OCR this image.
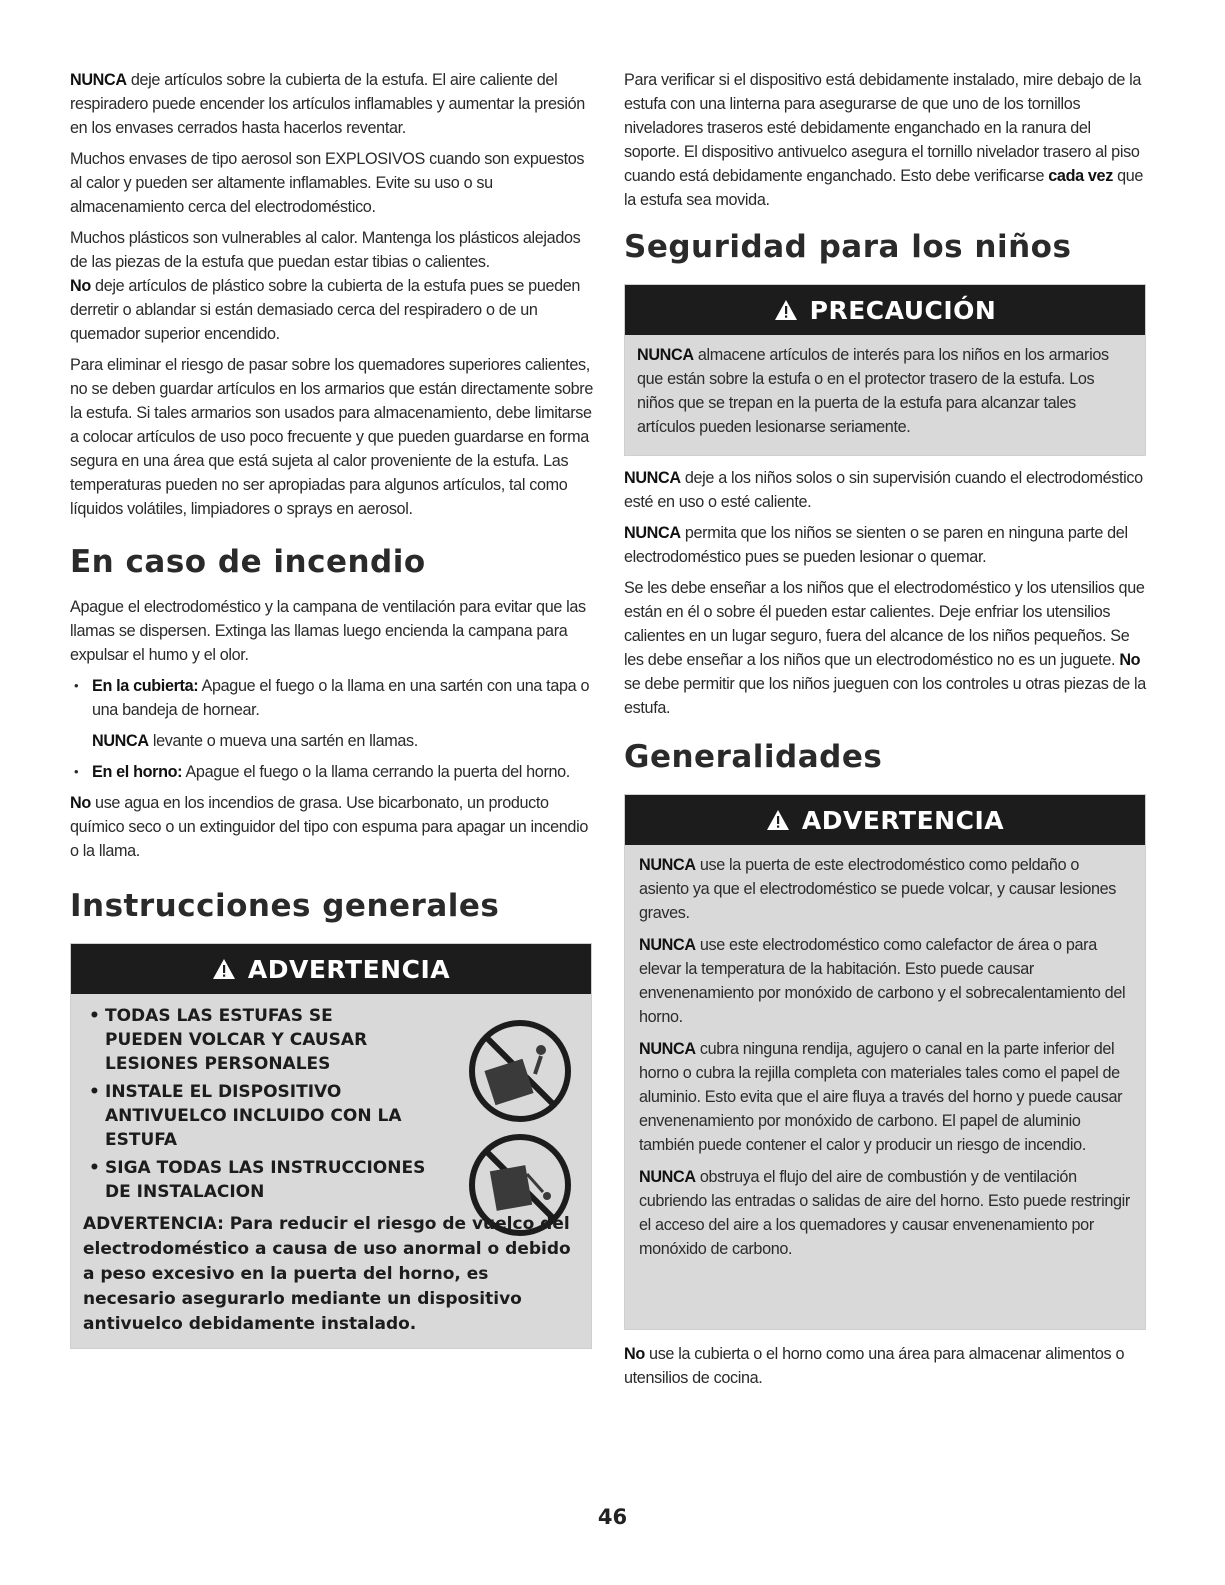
NUNCA deje artículos sobre la cubierta de la estufa. El aire caliente del respiradero puede encender los artículos inflamables y aumentar la presión en los envases cerrados hasta hacerlos reventar.

Muchos envases de tipo aerosol son EXPLOSIVOS cuando son expuestos al calor y pueden ser altamente inflamables. Evite su uso o su almacenamiento cerca del electrodoméstico.

Muchos plásticos son vulnerables al calor. Mantenga los plásticos alejados de las piezas de la estufa que puedan estar tibias o calientes.
No deje artículos de plástico sobre la cubierta de la estufa pues se pueden derretir o ablandar si están demasiado cerca del respiradero o de un quemador superior encendido.

Para eliminar el riesgo de pasar sobre los quemadores superiores calientes, no se deben guardar artículos en los armarios que están directamente sobre la estufa. Si tales armarios son usados para almacenamiento, debe limitarse a colocar artículos de uso poco frecuente y que pueden guardarse en forma segura en una área que está sujeta al calor proveniente de la estufa. Las temperaturas pueden no ser apropiadas para algunos artículos, tal como líquidos volátiles, limpiadores o sprays en aerosol.

En caso de incendio

Apague el electrodoméstico y la campana de ventilación para evitar que las llamas se dispersen. Extinga las llamas luego encienda la campana para expulsar el humo y el olor.

• En la cubierta: Apague el fuego o la llama en una sartén con una tapa o una bandeja de hornear.

NUNCA levante o mueva una sartén en llamas.

• En el horno: Apague el fuego o la llama cerrando la puerta del horno.

No use agua en los incendios de grasa. Use bicarbonato, un producto químico seco o un extinguidor del tipo con espuma para apagar un incendio o la llama.

Instrucciones generales
ADVERTENCIA
• TODAS LAS ESTUFAS SE PUEDEN VOLCAR Y CAUSAR LESIONES PERSONALES
• INSTALE EL DISPOSITIVO ANTIVUELCO INCLUIDO CON LA ESTUFA
• SIGA TODAS LAS INSTRUCCIONES DE INSTALACION
ADVERTENCIA: Para reducir el riesgo de vuelco del electrodoméstico a causa de uso anormal o debido a peso excesivo en la puerta del horno, es necesario asegurarlo mediante un dispositivo antivuelco debidamente instalado.

Para verificar si el dispositivo está debidamente instalado, mire debajo de la estufa con una linterna para asegurarse de que uno de los tornillos niveladores traseros esté debidamente enganchado en la ranura del soporte. El dispositivo antivuelco asegura el tornillo nivelador trasero al piso cuando está debidamente enganchado. Esto debe verificarse cada vez que la estufa sea movida.

Seguridad para los niños
PRECAUCIÓN
NUNCA almacene artículos de interés para los niños en los armarios que están sobre la estufa o en el protector trasero de la estufa. Los niños que se trepan en la puerta de la estufa para alcanzar tales artículos pueden lesionarse seriamente.

NUNCA deje a los niños solos o sin supervisión cuando el electrodoméstico esté en uso o esté caliente.

NUNCA permita que los niños se sienten o se paren en ninguna parte del electrodoméstico pues se pueden lesionar o quemar.

Se les debe enseñar a los niños que el electrodoméstico y los utensilios que están en él o sobre él pueden estar calientes. Deje enfriar los utensilios calientes en un lugar seguro, fuera del alcance de los niños pequeños. Se les debe enseñar a los niños que un electrodoméstico no es un juguete. No se debe permitir que los niños jueguen con los controles u otras piezas de la estufa.

Generalidades
ADVERTENCIA

NUNCA use la puerta de este electrodoméstico como peldaño o asiento ya que el electrodoméstico se puede volcar, y causar lesiones graves.

NUNCA use este electrodoméstico como calefactor de área o para elevar la temperatura de la habitación. Esto puede causar envenenamiento por monóxido de carbono y el sobrecalentamiento del horno.

NUNCA cubra ninguna rendija, agujero o canal en la parte inferior del horno o cubra la rejilla completa con materiales tales como el papel de aluminio. Esto evita que el aire fluya a través del horno y puede causar envenenamiento por monóxido de carbono. El papel de aluminio también puede contener el calor y producir un riesgo de incendio.

NUNCA obstruya el flujo del aire de combustión y de ventilación cubriendo las entradas o salidas de aire del horno. Esto puede restringir el acceso del aire a los quemadores y causar envenenamiento por monóxido de carbono.

No use la cubierta o el horno como una área para almacenar alimentos o utensilios de cocina.

46
